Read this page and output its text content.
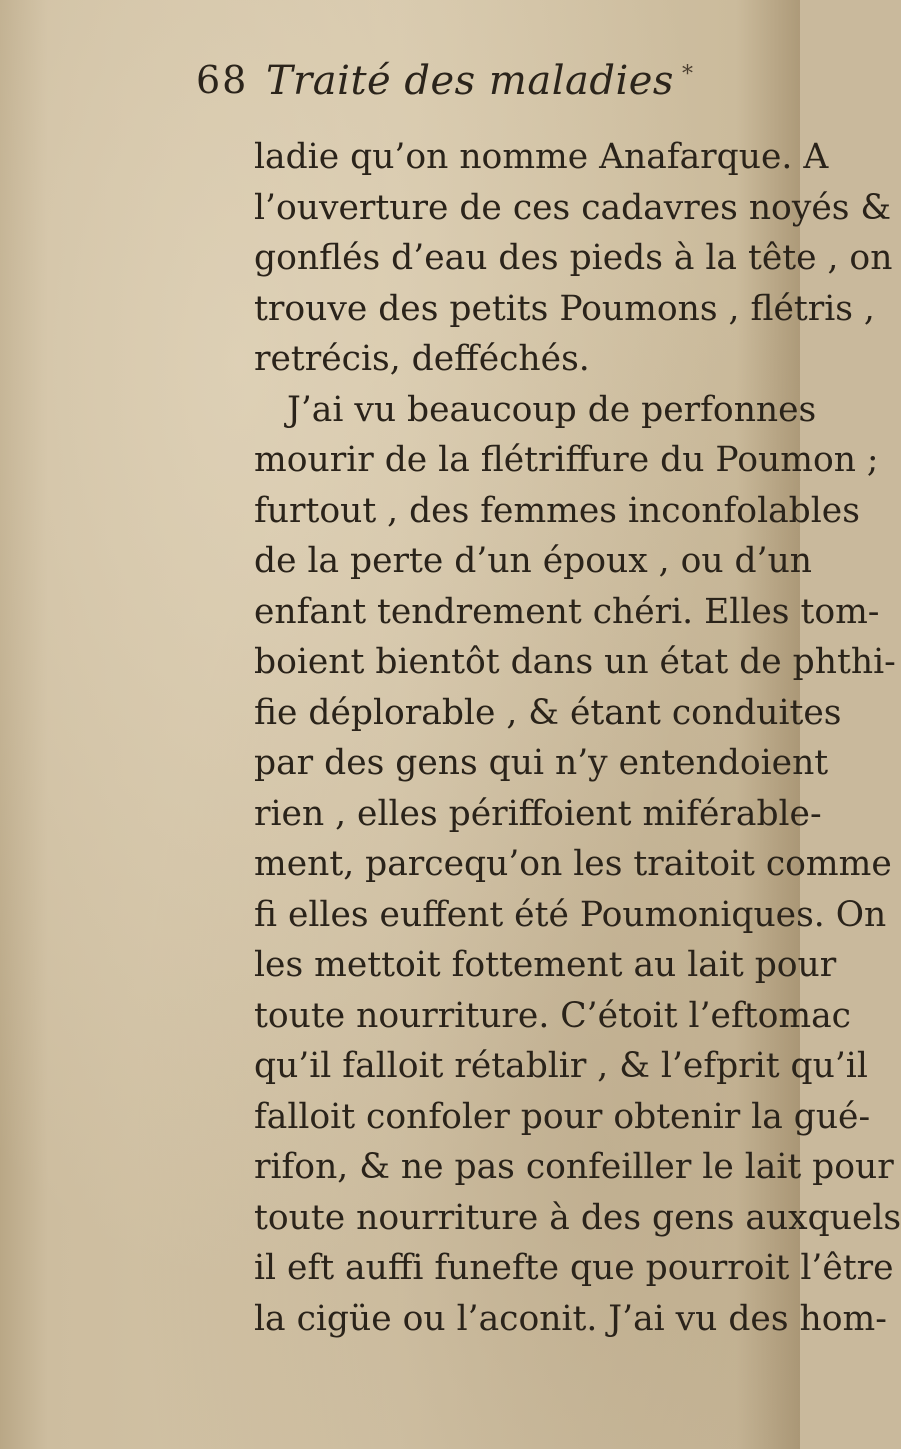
68 Traité des maladies *
ladie qu’on nomme Anafarque. A
l’ouverture de ces cadavres noyés &
gonflés d’eau des pieds à la tête , on
trouve des petits Poumons , flétris ,
retrécis, defféchés.
J’ai vu beaucoup de perfonnes
mourir de la flétriffure du Poumon ;
furtout , des femmes inconfolables
de la perte d’un époux , ou d’un
enfant tendrement chéri. Elles tom-
boient bientôt dans un état de phthi-
fie déplorable , & étant conduites
par des gens qui n’y entendoient
rien , elles périffoient miférable-
ment, parcequ’on les traitoit comme
fi elles euffent été Poumoniques. On
les mettoit fottement au lait pour
toute nourriture. C’étoit l’eftomac
qu’il falloit rétablir , & l’efprit qu’il
falloit confoler pour obtenir la gué-
rifon, & ne pas confeiller le lait pour
toute nourriture à des gens auxquels
il eft auffi funefte que pourroit l’être
la cigüe ou l’aconit. J’ai vu des hom-
